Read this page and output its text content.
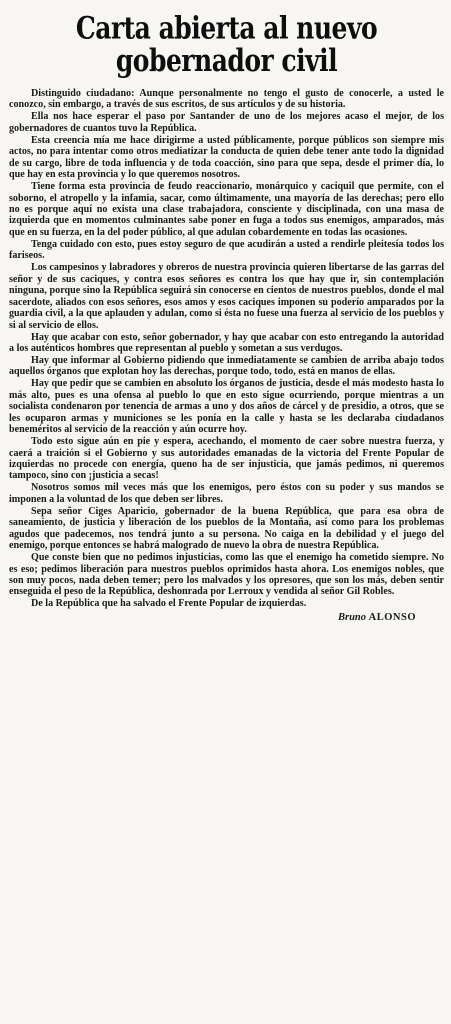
Carta abierta al nuevo gobernador civil

Distinguido ciudadano: Aunque personalmente no tengo el gusto de conocerle, a usted le conozco, sin embargo, a través de sus escritos, de sus artículos y de su historia.

Ella nos hace esperar el paso por Santander de uno de los mejores acaso el mejor, de los gobernadores de cuantos tuvo la República.

Esta creencia mía me hace dirigirme a usted públicamente, porque públicos son siempre mis actos, no para intentar como otros mediatizar la conducta de quien debe tener ante todo la dignidad de su cargo, libre de toda influencia y de toda coacción, sino para que sepa, desde el primer día, lo que hay en esta provincia y lo que queremos nosotros.

Tiene forma esta provincia de feudo reaccionario, monárquico y caciquil que permite, con el soborno, el atropello y la infamia, sacar, como últimamente, una mayoría de las derechas; pero ello no es porque aquí no exista una clase trabajadora, consciente y disciplinada, con una masa de izquierda que en momentos culminantes sabe poner en fuga a todos sus enemigos, amparados, más que en su fuerza, en la del poder público, al que adulan cobardemente en todas las ocasiones.

Tenga cuidado con esto, pues estoy seguro de que acudirán a usted a rendirle pleitesía todos los fariseos.

Los campesinos y labradores y obreros de nuestra provincia quieren libertarse de las garras del señor y de sus caciques, y contra esos señores es contra los que hay que ir, sin contemplación ninguna, porque sino la República seguirá sin conocerse en cientos de nuestros pueblos, donde el mal sacerdote, aliados con esos señores, esos amos y esos caciques imponen su poderío amparados por la guardia civil, a la que aplauden y adulan, como si ésta no fuese una fuerza al servicio de los pueblos y si al servicio de ellos.

Hay que acabar con esto, señor gobernador, y hay que acabar con esto entregando la autoridad a los auténticos hombres que representan al pueblo y sometan a sus verdugos.

Hay que informar al Gobierno pidiendo que inmediatamente se cambien de arriba abajo todos aquellos órganos que explotan hoy las derechas, porque todo, todo, está en manos de ellas.

Hay que pedir que se cambien en absoluto los órganos de justicia, desde el más modesto hasta lo más alto, pues es una ofensa al pueblo lo que en esto sigue ocurriendo, porque mientras a un socialista condenaron por tenencia de armas a uno y dos años de cárcel y de presidio, a otros, que se les ocuparon armas y municiones se les ponía en la calle y hasta se les declaraba ciudadanos beneméritos al servicio de la reacción y aún ocurre hoy.

Todo esto sigue aún en pie y espera, acechando, el momento de caer sobre nuestra fuerza, y caerá a traición si el Gobierno y sus autoridades emanadas de la victoria del Frente Popular de izquierdas no procede con energía, queno ha de ser injusticia, que jamás pedimos, ni queremos tampoco, sino con ¡justicia a secas!

Nosotros somos mil veces más que los enemigos, pero éstos con su poder y sus mandos se imponen a la voluntad de los que deben ser libres.

Sepa señor Ciges Aparicio, gobernador de la buena República, que para esa obra de saneamiento, de justicia y liberación de los pueblos de la Montaña, así como para los problemas agudos que padecemos, nos tendrá junto a su persona. No caiga en la debilidad y el juego del enemigo, porque entonces se habrá malogrado de nuevo la obra de nuestra República.

Que conste bien que no pedimos injusticias, como las que el enemigo ha cometido siempre. No es eso; pedimos liberación para nuestros pueblos oprimidos hasta ahora. Los enemigos nobles, que son muy pocos, nada deben temer; pero los malvados y los opresores, que son los más, deben sentir enseguida el peso de la República, deshonrada por Lerroux y vendida al señor Gil Robles.

De la República que ha salvado el Frente Popular de izquierdas.

Bruno ALONSO
